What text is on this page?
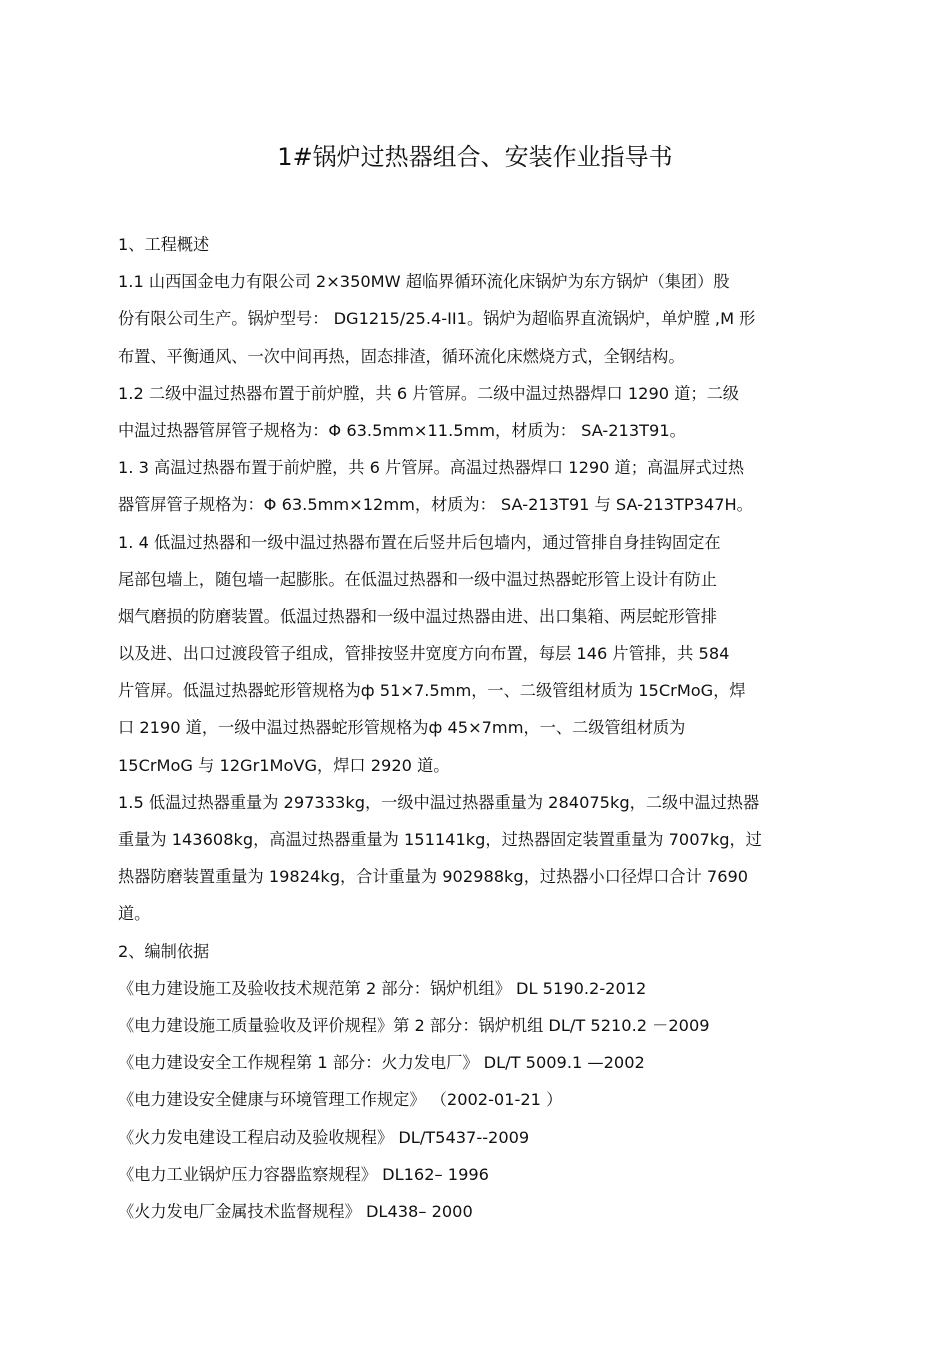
1#锅炉过热器组合、安装作业指导书
1、工程概述
1.1 山西国金电力有限公司 2×350MW 超临界循环流化床锅炉为东方锅炉（集团）股
份有限公司生产。锅炉型号： DG1215/25.4-II1。锅炉为超临界直流锅炉，单炉膛 ,M 形
布置、平衡通风、一次中间再热，固态排渣，循环流化床燃烧方式，全钢结构。
1.2 二级中温过热器布置于前炉膛，共 6 片管屏。二级中温过热器焊口 1290 道；二级
中温过热器管屏管子规格为：Φ 63.5mm×11.5mm，材质为： SA-213T91。
1. 3 高温过热器布置于前炉膛，共 6 片管屏。高温过热器焊口 1290 道；高温屏式过热
器管屏管子规格为：Φ 63.5mm×12mm，材质为： SA-213T91 与 SA-213TP347H。
1. 4 低温过热器和一级中温过热器布置在后竖井后包墙内，通过管排自身挂钩固定在
尾部包墙上，随包墙一起膨胀。在低温过热器和一级中温过热器蛇形管上设计有防止
烟气磨损的防磨装置。低温过热器和一级中温过热器由进、出口集箱、两层蛇形管排
以及进、出口过渡段管子组成，管排按竖井宽度方向布置，每层 146 片管排，共 584
片管屏。低温过热器蛇形管规格为ф 51×7.5mm，一、二级管组材质为 15CrMoG，焊
口 2190 道，一级中温过热器蛇形管规格为ф 45×7mm，一、二级管组材质为
15CrMoG 与 12Gr1MoVG，焊口 2920 道。
1.5 低温过热器重量为 297333kg，一级中温过热器重量为 284075kg，二级中温过热器
重量为 143608kg，高温过热器重量为 151141kg，过热器固定装置重量为 7007kg，过
热器防磨装置重量为 19824kg，合计重量为 902988kg，过热器小口径焊口合计 7690
道。
2、编制依据
《电力建设施工及验收技术规范第 2 部分：锅炉机组》 DL 5190.2-2012
《电力建设施工质量验收及评价规程》第 2 部分：锅炉机组 DL/T 5210.2 －2009
《电力建设安全工作规程第 1 部分：火力发电厂》 DL/T 5009.1 —2002
《电力建设安全健康与环境管理工作规定》 （2002-01-21 ）
《火力发电建设工程启动及验收规程》 DL/T5437--2009
《电力工业锅炉压力容器监察规程》 DL162– 1996
《火力发电厂金属技术监督规程》 DL438– 2000
